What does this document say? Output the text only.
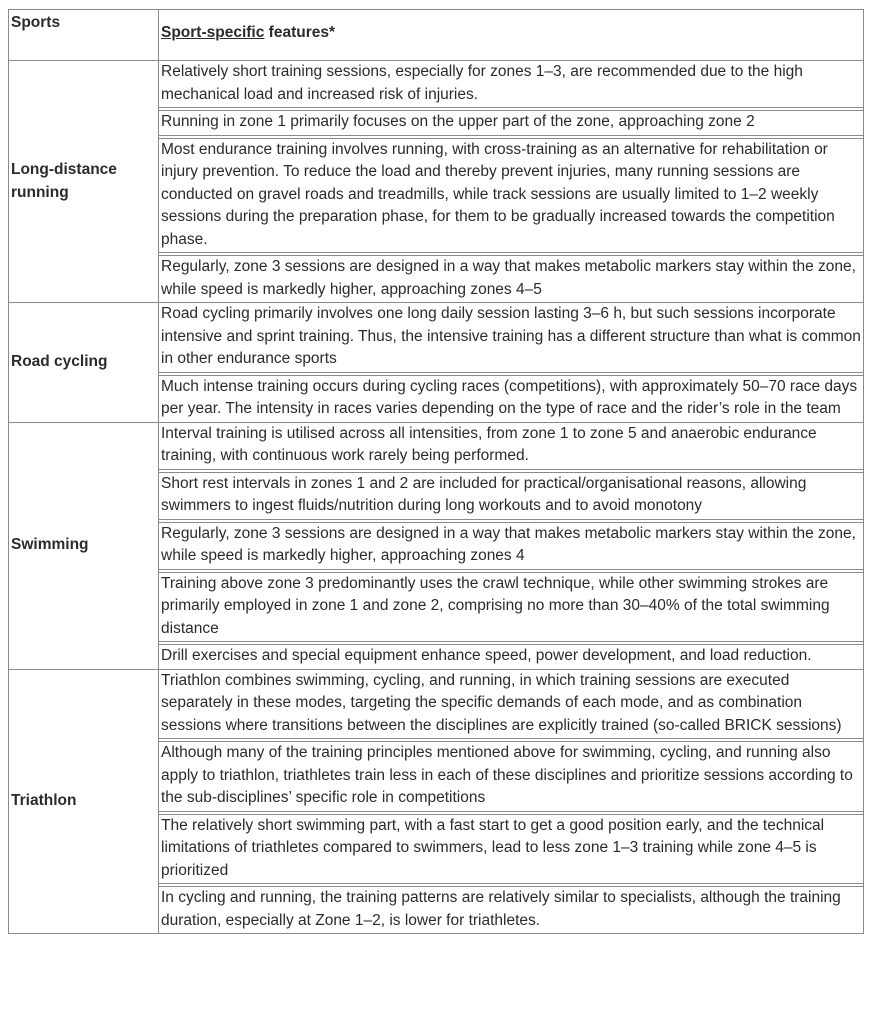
Sports	Sport-specific features*
Long-distance running	Relatively short training sessions, especially for zones 1–3, are recommended due to the high mechanical load and increased risk of injuries.
Running in zone 1 primarily focuses on the upper part of the zone, approaching zone 2
Most endurance training involves running, with cross-training as an alternative for rehabilitation or injury prevention. To reduce the load and thereby prevent injuries, many running sessions are conducted on gravel roads and treadmills, while track sessions are usually limited to 1–2 weekly sessions during the preparation phase, for them to be gradually increased towards the competition phase.
Regularly, zone 3 sessions are designed in a way that makes metabolic markers stay within the zone, while speed is markedly higher, approaching zones 4–5

Road cycling	Road cycling primarily involves one long daily session lasting 3–6 h, but such sessions incorporate intensive and sprint training. Thus, the intensive training has a different structure than what is common in other endurance sports
Much intense training occurs during cycling races (competitions), with approximately 50–70 race days per year. The intensity in races varies depending on the type of race and the rider’s role in the team

Swimming	Interval training is utilised across all intensities, from zone 1 to zone 5 and anaerobic endurance training, with continuous work rarely being performed.
Short rest intervals in zones 1 and 2 are included for practical/organisational reasons, allowing swimmers to ingest fluids/nutrition during long workouts and to avoid monotony
Regularly, zone 3 sessions are designed in a way that makes metabolic markers stay within the zone, while speed is markedly higher, approaching zones 4
Training above zone 3 predominantly uses the crawl technique, while other swimming strokes are primarily employed in zone 1 and zone 2, comprising no more than 30–40% of the total swimming distance
Drill exercises and special equipment enhance speed, power development, and load reduction.

Triathlon	Triathlon combines swimming, cycling, and running, in which training sessions are executed separately in these modes, targeting the specific demands of each mode, and as combination sessions where transitions between the disciplines are explicitly trained (so-called BRICK sessions)
Although many of the training principles mentioned above for swimming, cycling, and running also apply to triathlon, triathletes train less in each of these disciplines and prioritize sessions according to the sub-disciplines’ specific role in competitions
The relatively short swimming part, with a fast start to get a good position early, and the technical limitations of triathletes compared to swimmers, lead to less zone 1–3 training while zone 4–5 is prioritized
In cycling and running, the training patterns are relatively similar to specialists, although the training duration, especially at Zone 1–2, is lower for triathletes.
